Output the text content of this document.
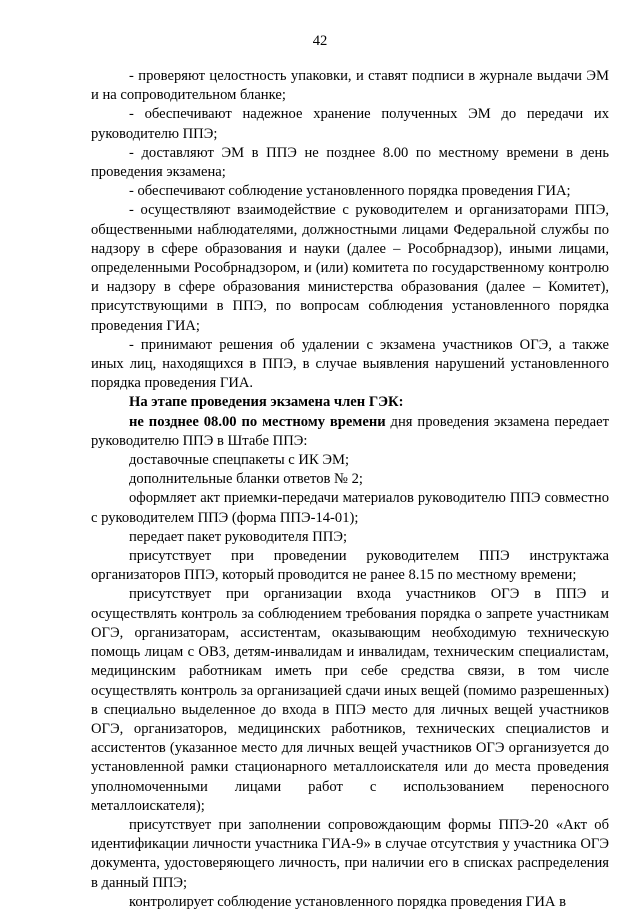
42

- проверяют целостность упаковки, и ставят подписи в журнале выдачи ЭМ и на сопроводительном бланке;

- обеспечивают надежное хранение полученных ЭМ до передачи их руководителю ППЭ;

- доставляют ЭМ в ППЭ не позднее 8.00 по местному времени в день проведения экзамена;

- обеспечивают соблюдение установленного порядка проведения ГИА;

- осуществляют взаимодействие с руководителем и организаторами ППЭ, общественными наблюдателями, должностными лицами Федеральной службы по надзору в сфере образования и науки (далее – Рособрнадзор), иными лицами, определенными Рособрнадзором, и (или) комитета по государственному контролю и надзору в сфере образования министерства образования (далее – Комитет), присутствующими в ППЭ, по вопросам соблюдения установленного порядка проведения ГИА;

- принимают решения об удалении с экзамена участников ОГЭ, а также иных лиц, находящихся в ППЭ, в случае выявления нарушений установленного порядка проведения ГИА.

На этапе проведения экзамена член ГЭК:

не позднее 08.00 по местному времени дня проведения экзамена передает руководителю ППЭ в Штабе ППЭ:

доставочные спецпакеты с ИК ЭМ;

дополнительные бланки ответов № 2;

оформляет акт приемки-передачи материалов руководителю ППЭ совместно с руководителем ППЭ (форма ППЭ-14-01);

передает пакет руководителя ППЭ;

присутствует при проведении руководителем ППЭ инструктажа организаторов ППЭ, который проводится не ранее 8.15 по местному времени;

присутствует при организации входа участников ОГЭ в ППЭ и осуществлять контроль за соблюдением требования порядка о запрете участникам ОГЭ, организаторам, ассистентам, оказывающим необходимую техническую помощь лицам с ОВЗ, детям-инвалидам и инвалидам, техническим специалистам, медицинским работникам иметь при себе средства связи, в том числе осуществлять контроль за организацией сдачи иных вещей (помимо разрешенных) в специально выделенное до входа в ППЭ место для личных вещей участников ОГЭ, организаторов, медицинских работников, технических специалистов и ассистентов (указанное место для личных вещей участников ОГЭ организуется до установленной рамки стационарного металлоискателя или до места проведения уполномоченными лицами работ с использованием переносного металлоискателя);

присутствует при заполнении сопровождающим формы ППЭ-20 «Акт об идентификации личности участника ГИА-9» в случае отсутствия у участника ОГЭ документа, удостоверяющего личность, при наличии его в списках распределения в данный ППЭ;

контролирует соблюдение установленного порядка проведения ГИА в
